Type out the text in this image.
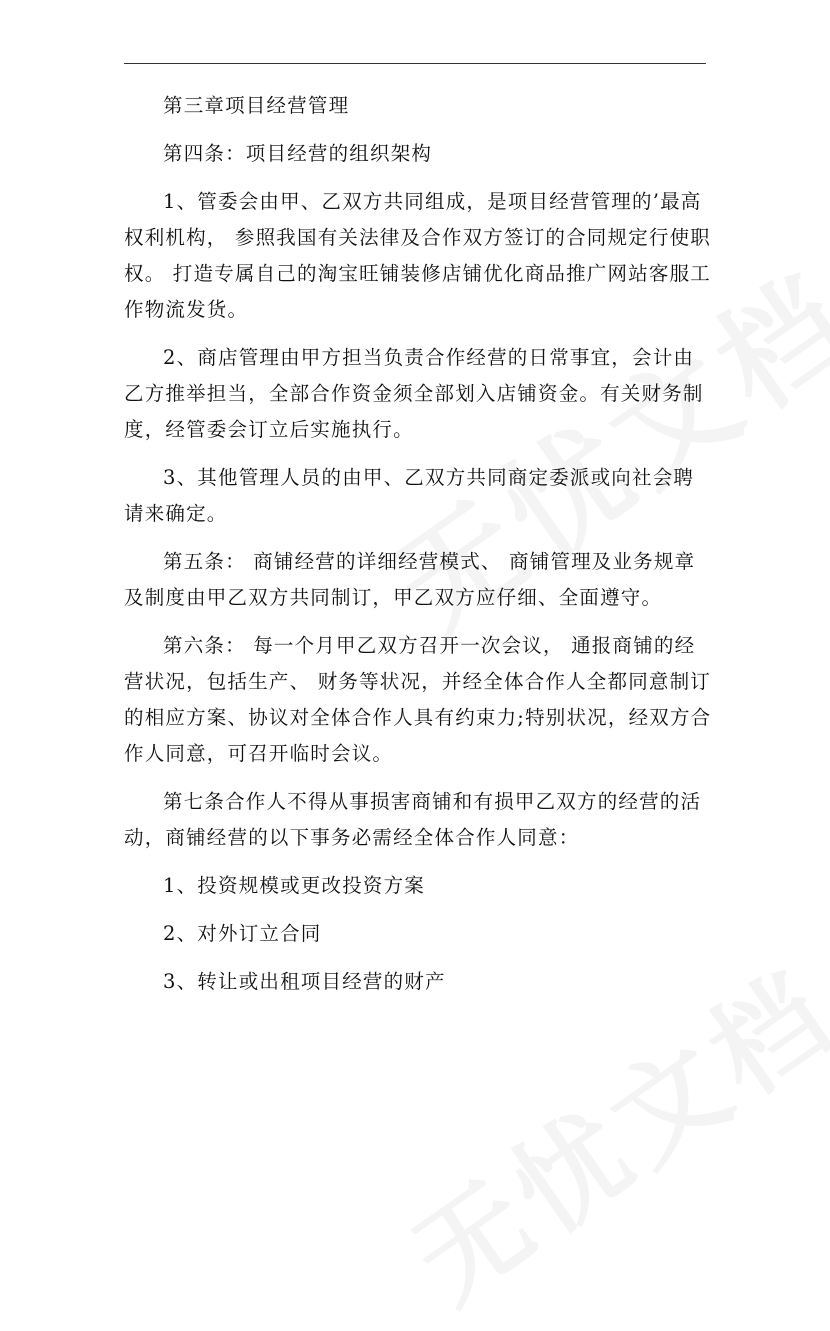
第三章项目经营管理

第四条：项目经营的组织架构

1、管委会由甲、乙双方共同组成，是项目经营管理的’最高权利机构， 参照我国有关法律及合作双方签订的合同规定行使职权。 打造专属自己的淘宝旺铺装修店铺优化商品推广网站客服工作物流发货。

2、商店管理由甲方担当负责合作经营的日常事宜，会计由乙方推举担当，全部合作资金须全部划入店铺资金。有关财务制度，经管委会订立后实施执行。

3、其他管理人员的由甲、乙双方共同商定委派或向社会聘请来确定。

第五条： 商铺经营的详细经营模式、 商铺管理及业务规章及制度由甲乙双方共同制订，甲乙双方应仔细、全面遵守。

第六条： 每一个月甲乙双方召开一次会议， 通报商铺的经营状况，包括生产、 财务等状况，并经全体合作人全都同意制订的相应方案、协议对全体合作人具有约束力;特别状况，经双方合作人同意，可召开临时会议。

第七条合作人不得从事损害商铺和有损甲乙双方的经营的活动，商铺经营的以下事务必需经全体合作人同意：

1、投资规模或更改投资方案

2、对外订立合同

3、转让或出租项目经营的财产
